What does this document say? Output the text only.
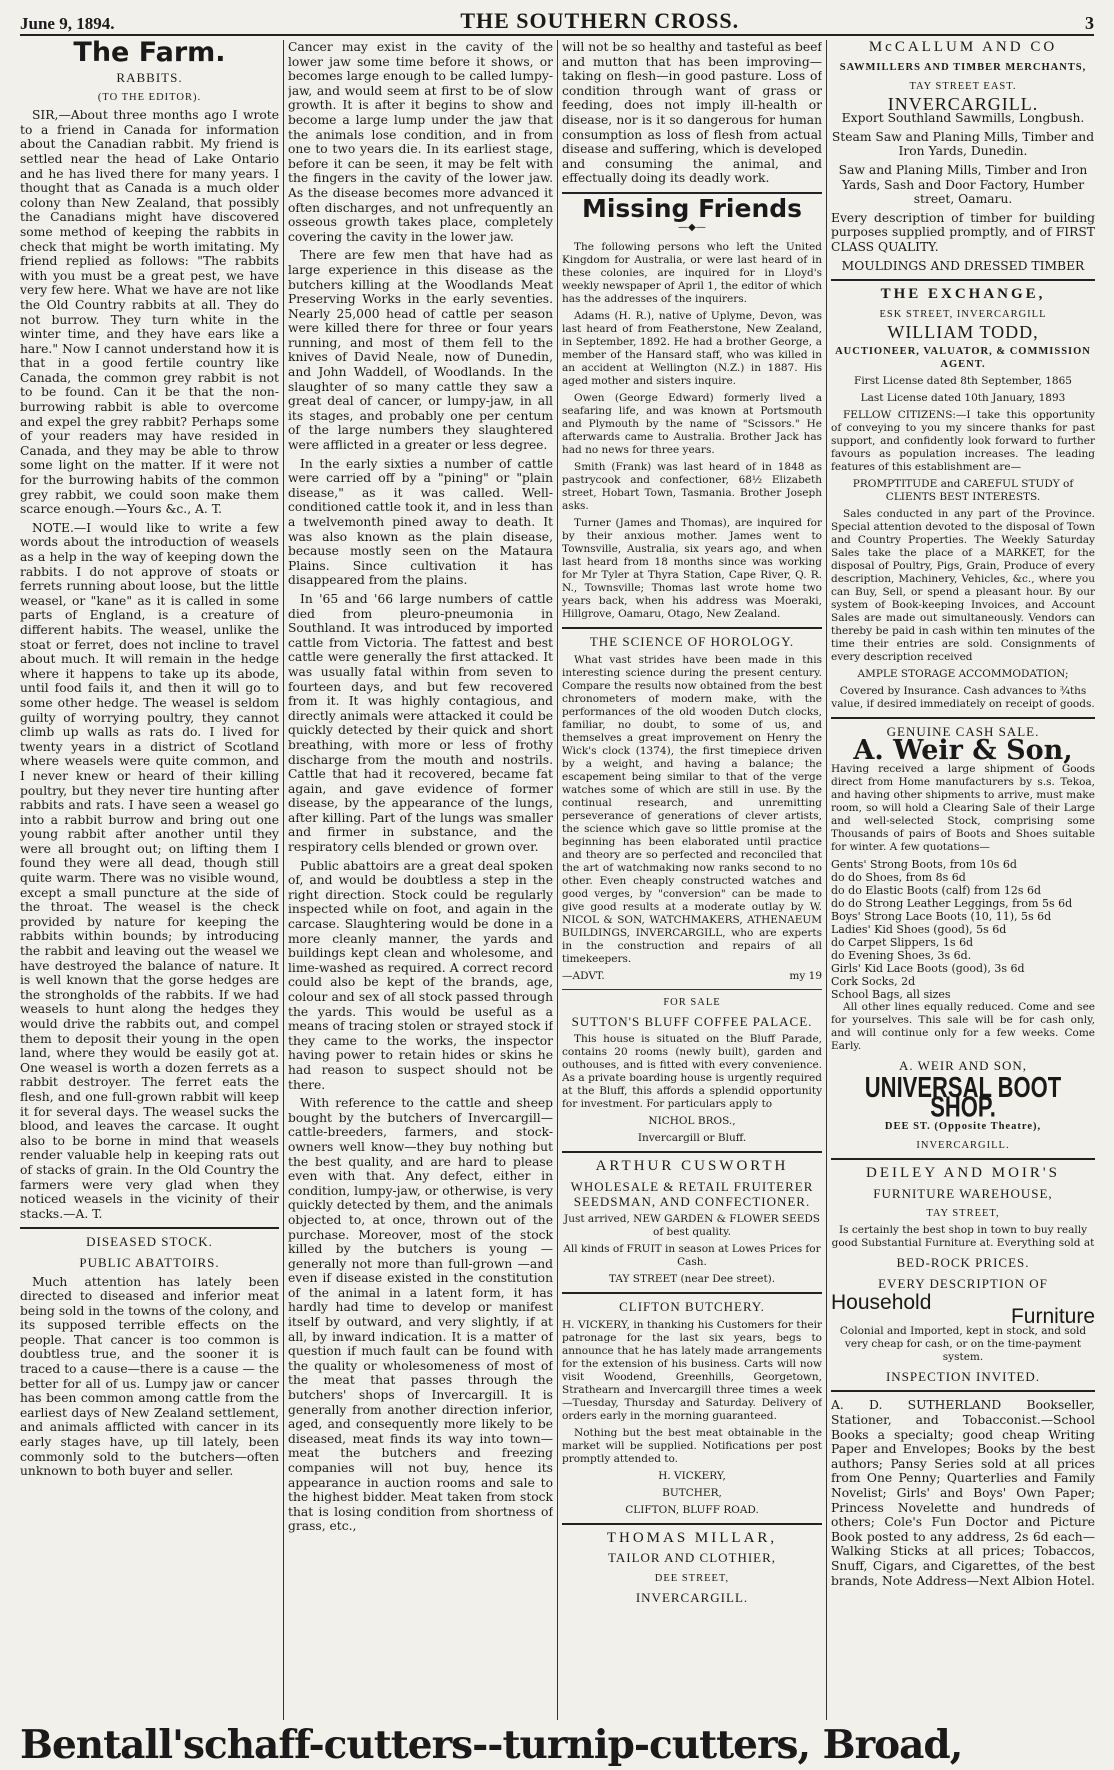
June 9, 1894.	THE SOUTHERN CROSS.	3
The Farm.
RABBITS.
(TO THE EDITOR).

SIR,—About three months ago I wrote to a friend in Canada for information about the Canadian rabbit. My friend is settled near the head of Lake Ontario and he has lived there for many years. I thought that as Canada is a much older colony than New Zealand, that possibly the Canadians might have discovered some method of keeping the rabbits in check that might be worth imitating. My friend replied as follows: "The rabbits with you must be a great pest, we have very few here. What we have are not like the Old Country rabbits at all. They do not burrow. They turn white in the winter time, and they have ears like a hare." Now I cannot understand how it is that in a good fertile country like Canada, the common grey rabbit is not to be found. Can it be that the non-burrowing rabbit is able to overcome and expel the grey rabbit? Perhaps some of your readers may have resided in Canada, and they may be able to throw some light on the matter. If it were not for the burrowing habits of the common grey rabbit, we could soon make them scarce enough.—Yours &c., A. T.

NOTE.—I would like to write a few words about the introduction of weasels as a help in the way of keeping down the rabbits. I do not approve of stoats or ferrets running about loose, but the little weasel, or "kane" as it is called in some parts of England, is a creature of different habits. The weasel, unlike the stoat or ferret, does not incline to travel about much. It will remain in the hedge where it happens to take up its abode, until food fails it, and then it will go to some other hedge. The weasel is seldom guilty of worrying poultry, they cannot climb up walls as rats do. I lived for twenty years in a district of Scotland where weasels were quite common, and I never knew or heard of their killing poultry, but they never tire hunting after rabbits and rats. I have seen a weasel go into a rabbit burrow and bring out one young rabbit after another until they were all brought out; on lifting them I found they were all dead, though still quite warm. There was no visible wound, except a small puncture at the side of the throat. The weasel is the check provided by nature for keeping the rabbits within bounds; by introducing the rabbit and leaving out the weasel we have destroyed the balance of nature. It is well known that the gorse hedges are the strongholds of the rabbits. If we had weasels to hunt along the hedges they would drive the rabbits out, and compel them to deposit their young in the open land, where they would be easily got at. One weasel is worth a dozen ferrets as a rabbit destroyer. The ferret eats the flesh, and one full-grown rabbit will keep it for several days. The weasel sucks the blood, and leaves the carcase. It ought also to be borne in mind that weasels render valuable help in keeping rats out of stacks of grain. In the Old Country the farmers were very glad when they noticed weasels in the vicinity of their stacks.—A. T.

DISEASED STOCK.
PUBLIC ABATTOIRS.

Much attention has lately been directed to diseased and inferior meat being sold in the towns of the colony, and its supposed terrible effects on the people. That cancer is too common is doubtless true, and the sooner it is traced to a cause—there is a cause — the better for all of us. Lumpy jaw or cancer has been common among cattle from the earliest days of New Zealand settlement, and animals afflicted with cancer in its early stages have, up till lately, been commonly sold to the butchers—often unknown to both buyer and seller.

Cancer may exist in the cavity of the lower jaw some time before it shows, or becomes large enough to be called lumpy-jaw, and would seem at first to be of slow growth. It is after it begins to show and become a large lump under the jaw that the animals lose condition, and in from one to two years die. In its earliest stage, before it can be seen, it may be felt with the fingers in the cavity of the lower jaw. As the disease becomes more advanced it often discharges, and not unfrequently an osseous growth takes place, completely covering the cavity in the lower jaw.

There are few men that have had as large experience in this disease as the butchers killing at the Woodlands Meat Preserving Works in the early seventies. Nearly 25,000 head of cattle per season were killed there for three or four years running, and most of them fell to the knives of David Neale, now of Dunedin, and John Waddell, of Woodlands. In the slaughter of so many cattle they saw a great deal of cancer, or lumpy-jaw, in all its stages, and probably one per centum of the large numbers they slaughtered were afflicted in a greater or less degree.

In the early sixties a number of cattle were carried off by a "pining" or "plain disease," as it was called. Well-conditioned cattle took it, and in less than a twelvemonth pined away to death. It was also known as the plain disease, because mostly seen on the Mataura Plains. Since cultivation it has disappeared from the plains.

In '65 and '66 large numbers of cattle died from pleuro-pneumonia in Southland. It was introduced by imported cattle from Victoria. The fattest and best cattle were generally the first attacked. It was usually fatal within from seven to fourteen days, and but few recovered from it. It was highly contagious, and directly animals were attacked it could be quickly detected by their quick and short breathing, with more or less of frothy discharge from the mouth and nostrils. Cattle that had it recovered, became fat again, and gave evidence of former disease, by the appearance of the lungs, after killing. Part of the lungs was smaller and firmer in substance, and the respiratory cells blended or grown over.

Public abattoirs are a great deal spoken of, and would be doubtless a step in the right direction. Stock could be regularly inspected while on foot, and again in the carcase. Slaughtering would be done in a more cleanly manner, the yards and buildings kept clean and wholesome, and lime-washed as required. A correct record could also be kept of the brands, age, colour and sex of all stock passed through the yards. This would be useful as a means of tracing stolen or strayed stock if they came to the works, the inspector having power to retain hides or skins he had reason to suspect should not be there.

With reference to the cattle and sheep bought by the butchers of Invercargill—cattle-breeders, farmers, and stock-owners well know—they buy nothing but the best quality, and are hard to please even with that. Any defect, either in condition, lumpy-jaw, or otherwise, is very quickly detected by them, and the animals objected to, at once, thrown out of the purchase. Moreover, most of the stock killed by the butchers is young —generally not more than full-grown —and even if disease existed in the constitution of the animal in a latent form, it has hardly had time to develop or manifest itself by outward, and very slightly, if at all, by inward indication. It is a matter of question if much fault can be found with the quality or wholesomeness of most of the meat that passes through the butchers' shops of Invercargill. It is generally from another direction inferior, aged, and consequently more likely to be diseased, meat finds its way into town—meat the butchers and freezing companies will not buy, hence its appearance in auction rooms and sale to the highest bidder. Meat taken from stock that is losing condition from shortness of grass, etc.,

will not be so healthy and tasteful as beef and mutton that has been improving—taking on flesh—in good pasture. Loss of condition through want of grass or feeding, does not imply ill-health or disease, nor is it so dangerous for human consumption as loss of flesh from actual disease and suffering, which is developed and consuming the animal, and effectually doing its deadly work.

Missing Friends
—◆—

The following persons who left the United Kingdom for Australia, or were last heard of in these colonies, are inquired for in Lloyd's weekly newspaper of April 1, the editor of which has the addresses of the inquirers.

Adams (H. R.), native of Uplyme, Devon, was last heard of from Featherstone, New Zealand, in September, 1892. He had a brother George, a member of the Hansard staff, who was killed in an accident at Wellington (N.Z.) in 1887. His aged mother and sisters inquire.

Owen (George Edward) formerly lived a seafaring life, and was known at Portsmouth and Plymouth by the name of "Scissors." He afterwards came to Australia. Brother Jack has had no news for three years.

Smith (Frank) was last heard of in 1848 as pastrycook and confectioner, 68½ Elizabeth street, Hobart Town, Tasmania. Brother Joseph asks.

Turner (James and Thomas), are inquired for by their anxious mother. James went to Townsville, Australia, six years ago, and when last heard from 18 months since was working for Mr Tyler at Thyra Station, Cape River, Q. R. N., Townsville; Thomas last wrote home two years back, when his address was Moeraki, Hillgrove, Oamaru, Otago, New Zealand.

THE SCIENCE OF HOROLOGY.

What vast strides have been made in this interesting science during the present century. Compare the results now obtained from the best chronometers of modern make, with the performances of the old wooden Dutch clocks, familiar, no doubt, to some of us, and themselves a great improvement on Henry the Wick's clock (1374), the first timepiece driven by a weight, and having a balance; the escapement being similar to that of the verge watches some of which are still in use. By the continual research, and unremitting perseverance of generations of clever artists, the science which gave so little promise at the beginning has been elaborated until practice and theory are so perfected and reconciled that the art of watchmaking now ranks second to no other. Even cheaply constructed watches and good verges, by "conversion" can be made to give good results at a moderate outlay by W. NICOL & SON, WATCHMAKERS, ATHENAEUM BUILDINGS, INVERCARGILL, who are experts in the construction and repairs of all timekeepers.

—ADVT.	my 19
FOR SALE
SUTTON'S BLUFF COFFEE PALACE.

This house is situated on the Bluff Parade, contains 20 rooms (newly built), garden and outhouses, and is fitted with every convenience. As a private boarding house is urgently required at the Bluff, this affords a splendid opportunity for investment. For particulars apply to

NICHOL BROS.,

Invercargill or Bluff.

ARTHUR CUSWORTH
WHOLESALE & RETAIL FRUITERER SEEDSMAN, AND CONFECTIONER.

Just arrived, NEW GARDEN & FLOWER SEEDS of best quality.

All kinds of FRUIT in season at Lowes Prices for Cash.

TAY STREET (near Dee street).

CLIFTON BUTCHERY.

H. VICKERY, in thanking his Customers for their patronage for the last six years, begs to announce that he has lately made arrangements for the extension of his business. Carts will now visit Woodend, Greenhills, Georgetown, Strathearn and Invercargill three times a week—Tuesday, Thursday and Saturday. Delivery of orders early in the morning guaranteed.

Nothing but the best meat obtainable in the market will be supplied. Notifications per post promptly attended to.

H. VICKERY,

BUTCHER,

CLIFTON, BLUFF ROAD.

THOMAS MILLAR,
TAILOR AND CLOTHIER,
DEE STREET,
INVERCARGILL.
McCALLUM AND CO
SAWMILLERS AND TIMBER MERCHANTS,
TAY STREET EAST.
INVERCARGILL.

Export Southland Sawmills, Longbush.

Steam Saw and Planing Mills, Timber and Iron Yards, Dunedin.

Saw and Planing Mills, Timber and Iron Yards, Sash and Door Factory, Humber street, Oamaru.

Every description of timber for building purposes supplied promptly, and of FIRST CLASS QUALITY.

MOULDINGS AND DRESSED TIMBER

THE EXCHANGE,
ESK STREET, INVERCARGILL
WILLIAM TODD,
AUCTIONEER, VALUATOR, & COMMISSION AGENT.

First License dated 8th September, 1865

Last License dated 10th January, 1893

FELLOW CITIZENS:—I take this opportunity of conveying to you my sincere thanks for past support, and confidently look forward to further favours as population increases. The leading features of this establishment are—

PROMPTITUDE and CAREFUL STUDY of CLIENTS BEST INTERESTS.

Sales conducted in any part of the Province. Special attention devoted to the disposal of Town and Country Properties. The Weekly Saturday Sales take the place of a MARKET, for the disposal of Poultry, Pigs, Grain, Produce of every description, Machinery, Vehicles, &c., where you can Buy, Sell, or spend a pleasant hour. By our system of Book-keeping Invoices, and Account Sales are made out simultaneously. Vendors can thereby be paid in cash within ten minutes of the time their entries are sold. Consignments of every description received

AMPLE STORAGE ACCOMMODATION;

Covered by Insurance. Cash advances to ¾ths value, if desired immediately on receipt of goods.

GENUINE CASH SALE.
A. Weir & Son,

Having received a large shipment of Goods direct from Home manufacturers by s.s. Tekoa, and having other shipments to arrive, must make room, so will hold a Clearing Sale of their Large and well-selected Stock, comprising some Thousands of pairs of Boots and Shoes suitable for winter. A few quotations—

Gents' Strong Boots, from 10s 6d
do do Shoes, from 8s 6d
do do Elastic Boots (calf) from 12s 6d
do do Strong Leather Leggings, from 5s 6d
Boys' Strong Lace Boots (10, 11), 5s 6d
Ladies' Kid Shoes (good), 5s 6d
do Carpet Slippers, 1s 6d
do Evening Shoes, 3s 6d.
Girls' Kid Lace Boots (good), 3s 6d
Cork Socks, 2d
School Bags, all sizes

All other lines equally reduced. Come and see for yourselves. This sale will be for cash only, and will continue only for a few weeks. Come Early.

A. WEIR AND SON,
UNIVERSAL BOOT SHOP.
DEE ST. (Opposite Theatre),
INVERCARGILL.
DEILEY AND MOIR'S
FURNITURE WAREHOUSE,
TAY STREET,

Is certainly the best shop in town to buy really good Substantial Furniture at. Everything sold at

BED-ROCK PRICES.
EVERY DESCRIPTION OF
Household
Furniture

Colonial and Imported, kept in stock, and sold very cheap for cash, or on the time-payment system.

INSPECTION INVITED.

A. D. SUTHERLAND Bookseller, Stationer, and Tobacconist.—School Books a specialty; good cheap Writing Paper and Envelopes; Books by the best authors; Pansy Series sold at all prices from One Penny; Quarterlies and Family Novelist; Girls' and Boys' Own Paper; Princess Novelette and hundreds of others; Cole's Fun Doctor and Picture Book posted to any address, 2s 6d each—Walking Sticks at all prices; Tobaccos, Snuff, Cigars, and Cigarettes, of the best brands, Note Address—Next Albion Hotel.

Bentall'schaff-cutters--turnip-cutters, Broad,
